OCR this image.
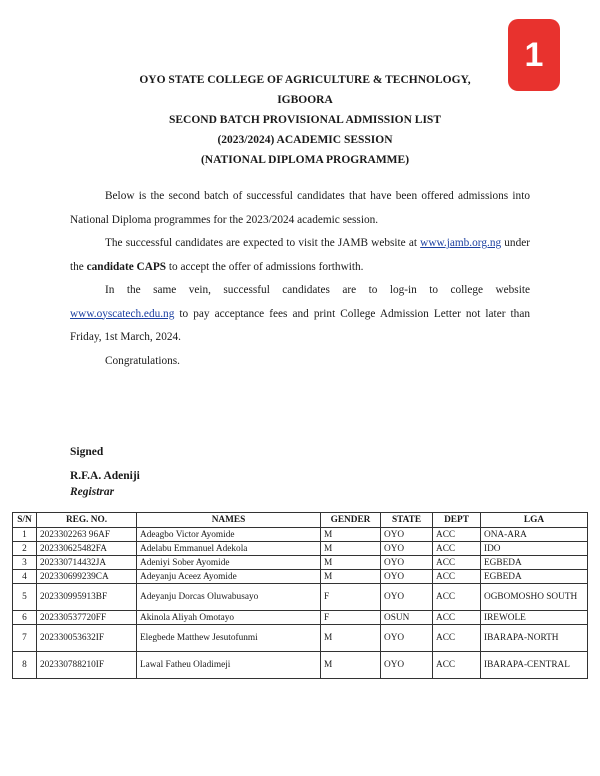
1
OYO STATE COLLEGE OF AGRICULTURE & TECHNOLOGY,
IGBOORA
SECOND BATCH PROVISIONAL ADMISSION LIST
(2023/2024) ACADEMIC SESSION
(NATIONAL DIPLOMA PROGRAMME)

Below is the second batch of successful candidates that have been offered admissions into National Diploma programmes for the 2023/2024 academic session.

The successful candidates are expected to visit the JAMB website at www.jamb.org.ng under the candidate CAPS to accept the offer of admissions forthwith.

In the same vein, successful candidates are to log-in to college website www.oyscatech.edu.ng to pay acceptance fees and print College Admission Letter not later than Friday, 1st March, 2024.

Congratulations.

Signed
R.F.A. Adeniji
Registrar
S/N	REG. NO.	NAMES	GENDER	STATE	DEPT	LGA
1	2023302263 96AF	Adeagbo Victor Ayomide	M	OYO	ACC	ONA-ARA
2	202330625482FA	Adelabu Emmanuel Adekola	M	OYO	ACC	IDO
3	202330714432JA	Adeniyi Sober Ayomide	M	OYO	ACC	EGBEDA
4	202330699239CA	Adeyanju Aceez Ayomide	M	OYO	ACC	EGBEDA
5	202330995913BF	Adeyanju Dorcas Oluwabusayo	F	OYO	ACC	OGBOMOSHO SOUTH
6	202330537720FF	Akinola Aliyah Omotayo	F	OSUN	ACC	IREWOLE
7	202330053632IF	Elegbede Matthew Jesutofunmi	M	OYO	ACC	IBARAPA-NORTH
8	202330788210IF	Lawal Fatheu Oladimeji	M	OYO	ACC	IBARAPA-CENTRAL
